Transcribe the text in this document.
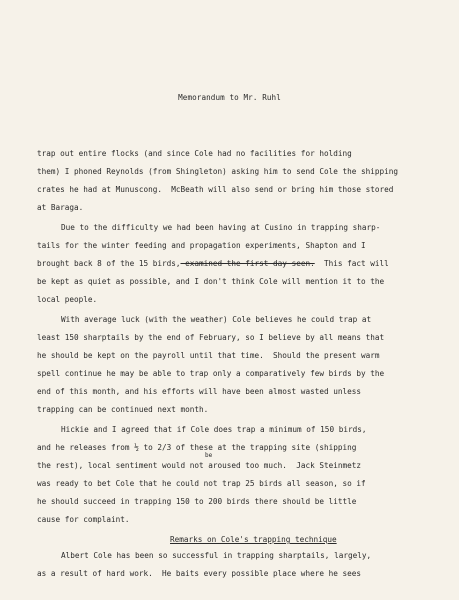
Memorandum to Mr. Ruhl
trap out entire flocks (and since Cole had no facilities for holding
them) I phoned Reynolds (from Shingleton) asking him to send Cole the shipping
crates he had at Munuscong.  McBeath will also send or bring him those stored
at Baraga.
Due to the difficulty we had been having at Cusino in trapping sharp-
tails for the winter feeding and propagation experiments, Shapton and I
brought back 8 of the 15 birds, examined the first day seen.  This fact will
be kept as quiet as possible, and I don't think Cole will mention it to the
local people.
With average luck (with the weather) Cole believes he could trap at
least 150 sharptails by the end of February, so I believe by all means that
he should be kept on the payroll until that time.  Should the present warm
spell continue he may be able to trap only a comparatively few birds by the
end of this month, and his efforts will have been almost wasted unless
trapping can be continued next month.
Hickie and I agreed that if Cole does trap a minimum of 150 birds,
and he releases from ½ to 2/3 of these at the trapping site (shipping
be
the rest), local sentiment would not aroused too much.  Jack Steinmetz
was ready to bet Cole that he could not trap 25 birds all season, so if
he should succeed in trapping 150 to 200 birds there should be little
cause for complaint.
Remarks on Cole's trapping technique
Albert Cole has been so successful in trapping sharptails, largely,
as a result of hard work.  He baits every possible place where he sees
